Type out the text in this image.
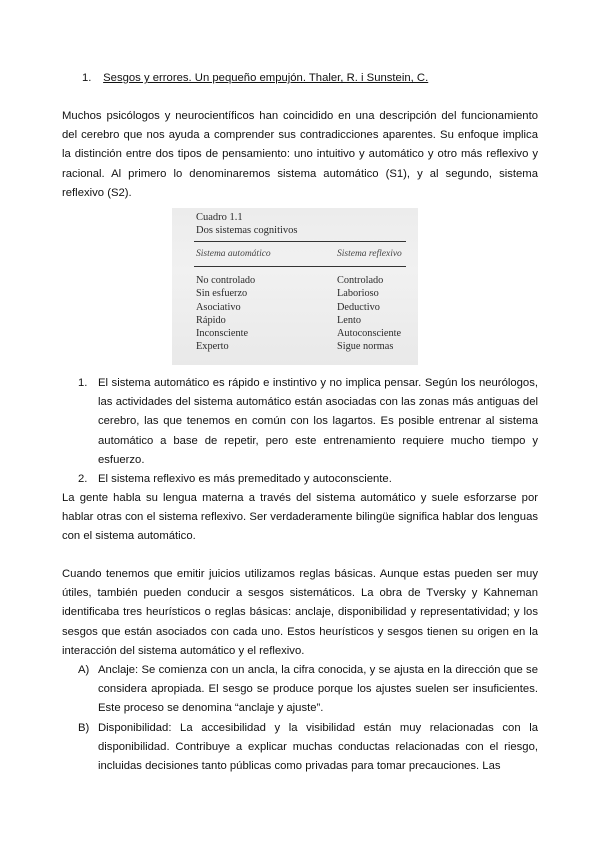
1. Sesgos y errores. Un pequeño empujón. Thaler, R. i Sunstein, C.

Muchos psicólogos y neurocientíficos han coincidido en una descripción del funcionamiento del cerebro que nos ayuda a comprender sus contradicciones aparentes. Su enfoque implica la distinción entre dos tipos de pensamiento: uno intuitivo y automático y otro más reflexivo y racional. Al primero lo denominaremos sistema automático (S1), y al segundo, sistema reflexivo (S2).

Cuadro 1.1
Dos sistemas cognitivos
Sistema automático	Sistema reflexivo
No controlado	Controlado
Sin esfuerzo	Laborioso
Asociativo	Deductivo
Rápido	Lento
Inconsciente	Autoconsciente
Experto	Sigue normas
1. El sistema automático es rápido e instintivo y no implica pensar. Según los neurólogos, las actividades del sistema automático están asociadas con las zonas más antiguas del cerebro, las que tenemos en común con los lagartos. Es posible entrenar al sistema automático a base de repetir, pero este entrenamiento requiere mucho tiempo y esfuerzo.
2. El sistema reflexivo es más premeditado y autoconsciente.

La gente habla su lengua materna a través del sistema automático y suele esforzarse por hablar otras con el sistema reflexivo. Ser verdaderamente bilingüe significa hablar dos lenguas con el sistema automático.

Cuando tenemos que emitir juicios utilizamos reglas básicas. Aunque estas pueden ser muy útiles, también pueden conducir a sesgos sistemáticos. La obra de Tversky y Kahneman identificaba tres heurísticos o reglas básicas: anclaje, disponibilidad y representatividad; y los sesgos que están asociados con cada uno. Estos heurísticos y sesgos tienen su origen en la interacción del sistema automático y el reflexivo.

A) Anclaje: Se comienza con un ancla, la cifra conocida, y se ajusta en la dirección que se considera apropiada. El sesgo se produce porque los ajustes suelen ser insuficientes. Este proceso se denomina “anclaje y ajuste”.
B) Disponibilidad: La accesibilidad y la visibilidad están muy relacionadas con la disponibilidad. Contribuye a explicar muchas conductas relacionadas con el riesgo, incluidas decisiones tanto públicas como privadas para tomar precauciones. Las
